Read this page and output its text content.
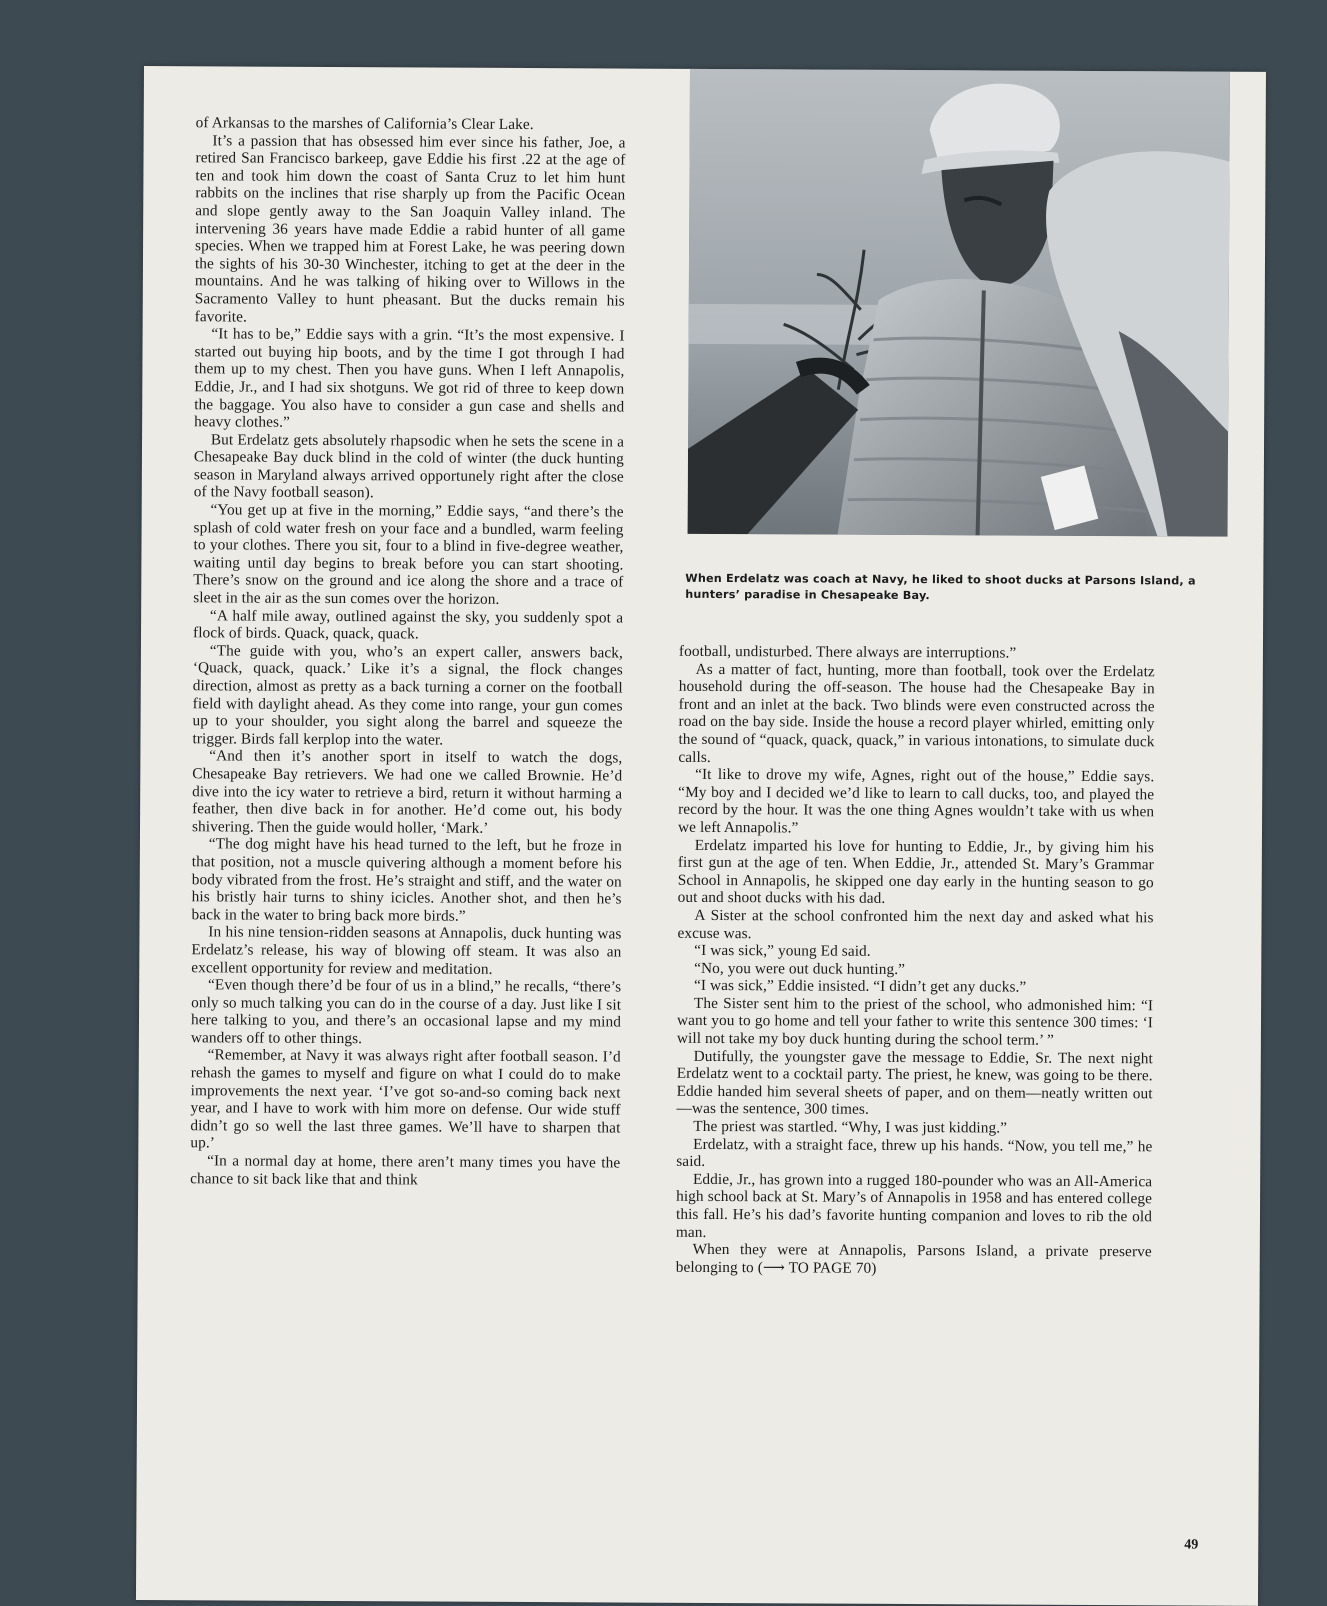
When Erdelatz was coach at Navy, he liked to shoot ducks at Parsons Island, a hunters’ paradise in Chesapeake Bay.

of Arkansas to the marshes of California’s Clear Lake.

It’s a passion that has obsessed him ever since his father, Joe, a retired San Francisco barkeep, gave Eddie his first .22 at the age of ten and took him down the coast of Santa Cruz to let him hunt rabbits on the inclines that rise sharply up from the Pacific Ocean and slope gently away to the San Joaquin Valley inland. The intervening 36 years have made Eddie a rabid hunter of all game species. When we trapped him at Forest Lake, he was peering down the sights of his 30-30 Winchester, itching to get at the deer in the mountains. And he was talking of hiking over to Willows in the Sacramento Valley to hunt pheasant. But the ducks remain his favorite.

“It has to be,” Eddie says with a grin. “It’s the most expensive. I started out buying hip boots, and by the time I got through I had them up to my chest. Then you have guns. When I left Annapolis, Eddie, Jr., and I had six shotguns. We got rid of three to keep down the baggage. You also have to consider a gun case and shells and heavy clothes.”

But Erdelatz gets absolutely rhapsodic when he sets the scene in a Chesapeake Bay duck blind in the cold of winter (the duck hunting season in Maryland always arrived opportunely right after the close of the Navy football season).

“You get up at five in the morning,” Eddie says, “and there’s the splash of cold water fresh on your face and a bundled, warm feeling to your clothes. There you sit, four to a blind in five-degree weather, waiting until day begins to break before you can start shooting. There’s snow on the ground and ice along the shore and a trace of sleet in the air as the sun comes over the horizon.

“A half mile away, outlined against the sky, you suddenly spot a flock of birds. Quack, quack, quack.

“The guide with you, who’s an expert caller, answers back, ‘Quack, quack, quack.’ Like it’s a signal, the flock changes direction, almost as pretty as a back turning a corner on the football field with daylight ahead. As they come into range, your gun comes up to your shoulder, you sight along the barrel and squeeze the trigger. Birds fall kerplop into the water.

“And then it’s another sport in itself to watch the dogs, Chesapeake Bay retrievers. We had one we called Brownie. He’d dive into the icy water to retrieve a bird, return it without harming a feather, then dive back in for another. He’d come out, his body shivering. Then the guide would holler, ‘Mark.’

“The dog might have his head turned to the left, but he froze in that position, not a muscle quivering although a moment before his body vibrated from the frost. He’s straight and stiff, and the water on his bristly hair turns to shiny icicles. Another shot, and then he’s back in the water to bring back more birds.”

In his nine tension-ridden seasons at Annapolis, duck hunting was Erdelatz’s release, his way of blowing off steam. It was also an excellent opportunity for review and meditation.

“Even though there’d be four of us in a blind,” he recalls, “there’s only so much talking you can do in the course of a day. Just like I sit here talking to you, and there’s an occasional lapse and my mind wanders off to other things.

“Remember, at Navy it was always right after football season. I’d rehash the games to myself and figure on what I could do to make improvements the next year. ‘I’ve got so-and-so coming back next year, and I have to work with him more on defense. Our wide stuff didn’t go so well the last three games. We’ll have to sharpen that up.’

“In a normal day at home, there aren’t many times you have the chance to sit back like that and think

football, undisturbed. There always are interruptions.”

As a matter of fact, hunting, more than football, took over the Erdelatz household during the off-season. The house had the Chesapeake Bay in front and an inlet at the back. Two blinds were even constructed across the road on the bay side. Inside the house a record player whirled, emitting only the sound of “quack, quack, quack,” in various intonations, to simulate duck calls.

“It like to drove my wife, Agnes, right out of the house,” Eddie says. “My boy and I decided we’d like to learn to call ducks, too, and played the record by the hour. It was the one thing Agnes wouldn’t take with us when we left Annapolis.”

Erdelatz imparted his love for hunting to Eddie, Jr., by giving him his first gun at the age of ten. When Eddie, Jr., attended St. Mary’s Grammar School in Annapolis, he skipped one day early in the hunting season to go out and shoot ducks with his dad.

A Sister at the school confronted him the next day and asked what his excuse was.

“I was sick,” young Ed said.

“No, you were out duck hunting.”

“I was sick,” Eddie insisted. “I didn’t get any ducks.”

The Sister sent him to the priest of the school, who admonished him: “I want you to go home and tell your father to write this sentence 300 times: ‘I will not take my boy duck hunting during the school term.’ ”

Dutifully, the youngster gave the message to Eddie, Sr. The next night Erdelatz went to a cocktail party. The priest, he knew, was going to be there. Eddie handed him several sheets of paper, and on them—neatly written out—was the sentence, 300 times.

The priest was startled. “Why, I was just kidding.”

Erdelatz, with a straight face, threw up his hands. “Now, you tell me,” he said.

Eddie, Jr., has grown into a rugged 180-pounder who was an All-America high school back at St. Mary’s of Annapolis in 1958 and has entered college this fall. He’s his dad’s favorite hunting companion and loves to rib the old man.

When they were at Annapolis, Parsons Island, a private preserve belonging to (⟶ TO PAGE 70)

49
